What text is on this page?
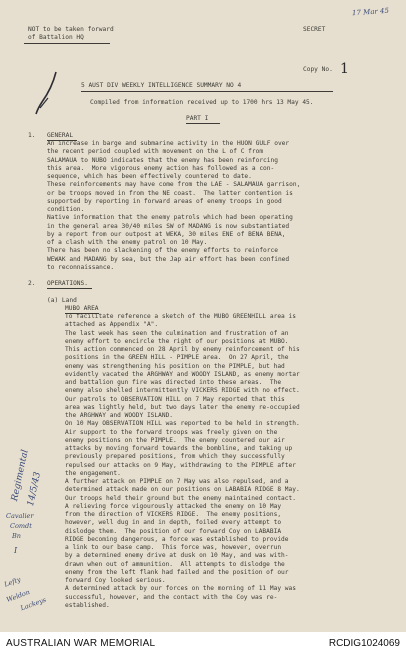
17 Mar 45
NOT to be taken forward
of Battalion HQ
SECRET
Copy No. 1
5 AUST DIV WEEKLY INTELLIGENCE SUMMARY NO 4
Compiled from information received up to 1700 hrs 13 May 45.
PART I
1. GENERAL
An increase in barge and submarine activity in the HUON GULF over
the recent period coupled with movement on the L of C from
SALAMAUA to NUBO indicates that the enemy has been reinforcing
this area.  More vigorous enemy action has followed as a con-
sequence, which has been effectively countered to date.
These reinforcements may have come from the LAE - SALAMAUA garrison,
or be troops moved in from the NE coast.  The latter contention is
supported by reporting in forward areas of enemy troops in good
condition.
Native information that the enemy patrols which had been operating
in the general area 30/40 miles SW of MADANG is now substantiated
by a report from our outpost at WEKA, 30 miles ENE of BENA BENA,
of a clash with the enemy patrol on 10 May.
There has been no slackening of the enemy efforts to reinforce
WEWAK and MADANG by sea, but the Jap air effort has been confined
to reconnaissance.
2. OPERATIONS.
(a) Land
MUBO AREA
To facilitate reference a sketch of the MUBO GREENHILL area is
attached as Appendix "A".
The last week has seen the culmination and frustration of an
enemy effort to encircle the right of our positions at MUBO.
This action commenced on 28 April by enemy reinforcement of his
positions in the GREEN HILL - PIMPLE area.  On 27 April, the
enemy was strengthening his position on the PIMPLE, but had
evidently vacated the ARGHWAY and WOODY ISLAND, as enemy mortar
and battalion gun fire was directed into these areas.  The
enemy also shelled intermittently VICKERS RIDGE with no effect.
Our patrols to OBSERVATION HILL on 7 May reported that this
area was lightly held, but two days later the enemy re-occupied
the ARGHWAY and WOODY ISLAND.
On 10 May OBSERVATION HILL was reported to be held in strength.
Air support to the forward troops was freely given on the
enemy positions on the PIMPLE.  The enemy countered our air
attacks by moving forward towards the bombline, and taking up
previously prepared positions, from which they successfully
repulsed our attacks on 9 May, withdrawing to the PIMPLE after
the engagement.
A further attack on PIMPLE on 7 May was also repulsed, and a
determined attack made on our positions on LABABIA RIDGE 8 May.
Our troops held their ground but the enemy maintained contact.
A relieving force vigourously attacked the enemy on 10 May
from the direction of VICKERS RIDGE.  The enemy positions,
however, well dug in and in depth, foiled every attempt to
dislodge them.  The position of our forward Coy on LABABIA
RIDGE becoming dangerous, a force was established to provide
a link to our base camp.  This force was, however, overrun
by a determined enemy drive at dusk on 10 May, and was with-
drawn when out of ammunition.  All attempts to dislodge the
enemy from the left flank had failed and the position of our
forward Coy looked serious.
A determined attack by our forces on the morning of 11 May was
successful, however, and the contact with the Coy was re-
established.
Regimental
14/5/43
Cavalier
Comdt
Bn
I
Lefty
Weldon
Lackeys
AUSTRALIAN WAR MEMORIAL	RCDIG1024069
